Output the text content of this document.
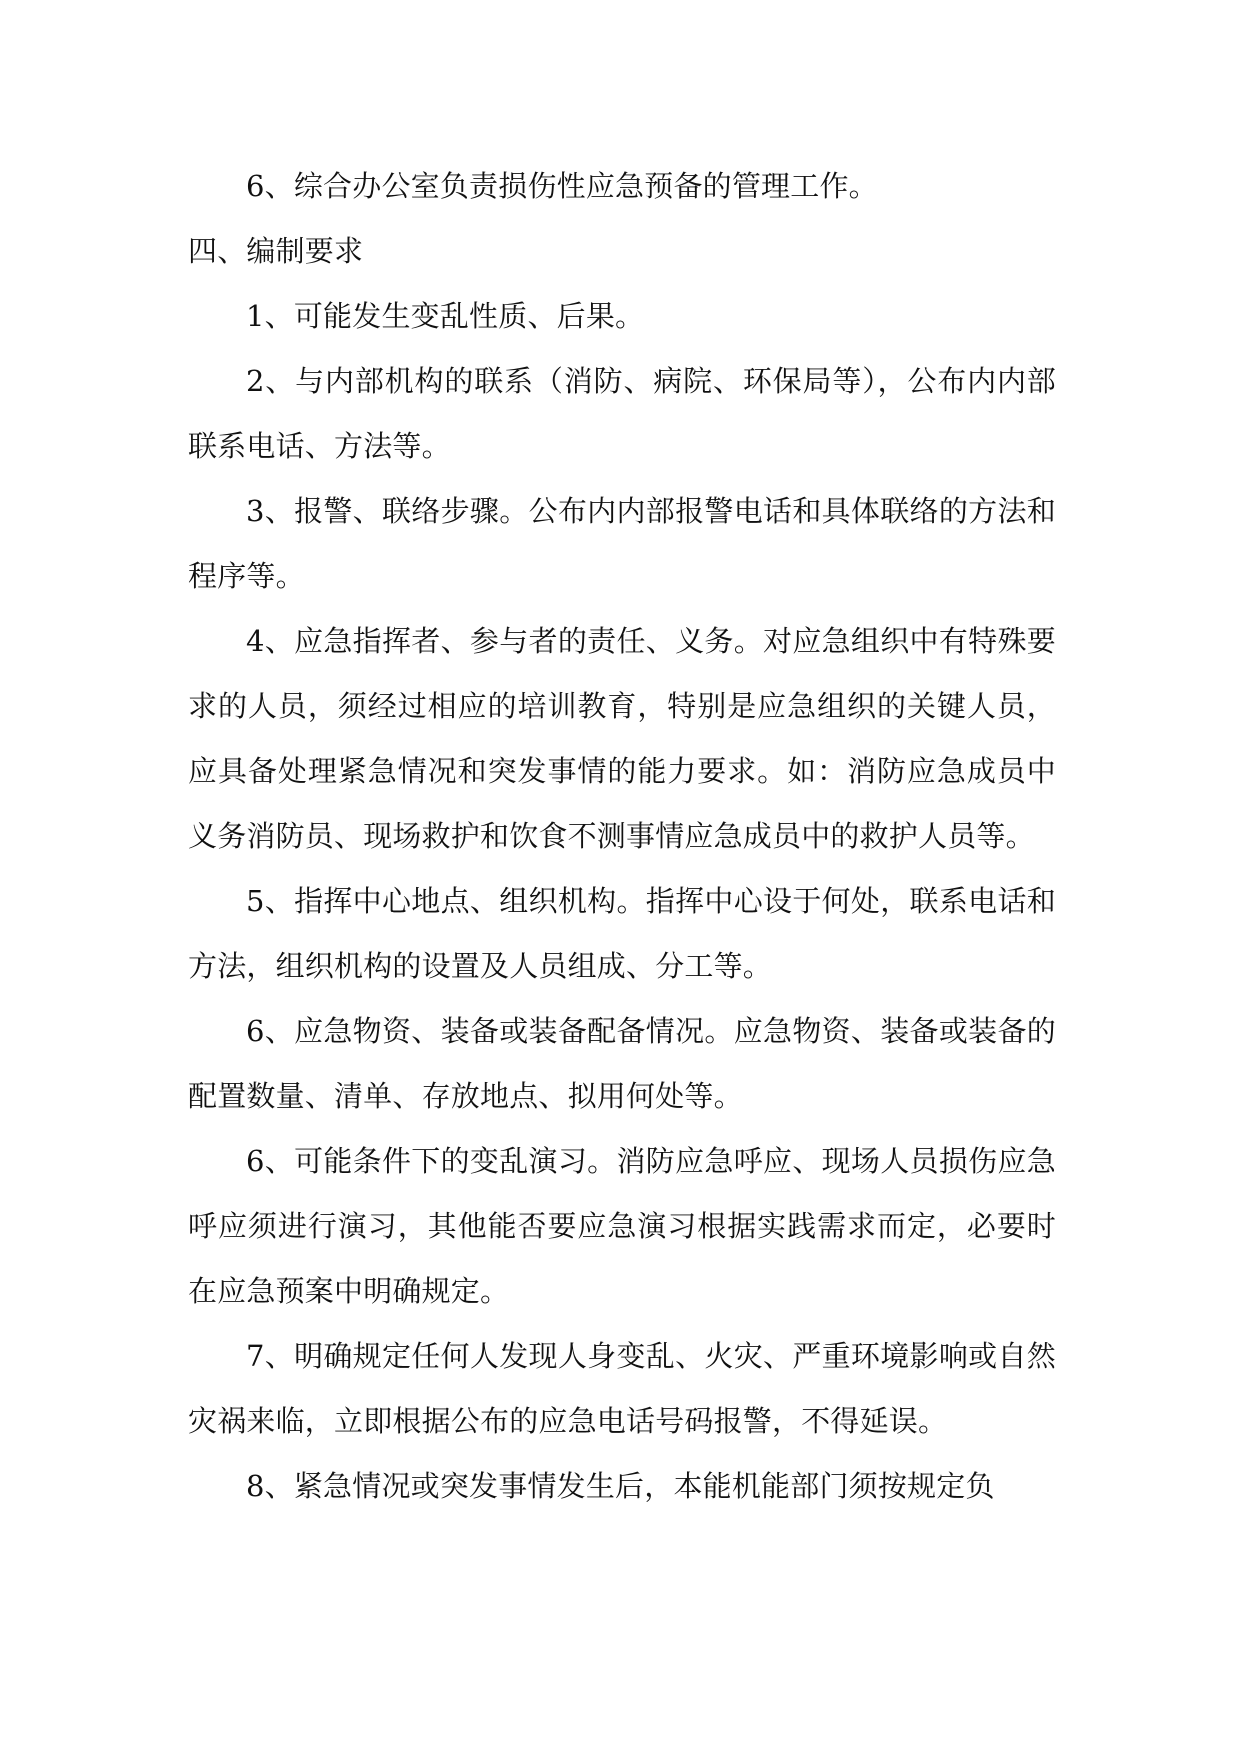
6、综合办公室负责损伤性应急预备的管理工作。

四、编制要求

1、可能发生变乱性质、后果。

2、与内部机构的联系（消防、病院、环保局等），公布内内部联系电话、方法等。

3、报警、联络步骤。公布内内部报警电话和具体联络的方法和程序等。

4、应急指挥者、参与者的责任、义务。对应急组织中有特殊要求的人员，须经过相应的培训教育，特别是应急组织的关键人员，应具备处理紧急情况和突发事情的能力要求。如：消防应急成员中义务消防员、现场救护和饮食不测事情应急成员中的救护人员等。

5、指挥中心地点、组织机构。指挥中心设于何处，联系电话和方法，组织机构的设置及人员组成、分工等。

6、应急物资、装备或装备配备情况。应急物资、装备或装备的配置数量、清单、存放地点、拟用何处等。

6、可能条件下的变乱演习。消防应急呼应、现场人员损伤应急呼应须进行演习，其他能否要应急演习根据实践需求而定，必要时在应急预案中明确规定。

7、明确规定任何人发现人身变乱、火灾、严重环境影响或自然灾祸来临，立即根据公布的应急电话号码报警，不得延误。

8、紧急情况或突发事情发生后，本能机能部门须按规定负
